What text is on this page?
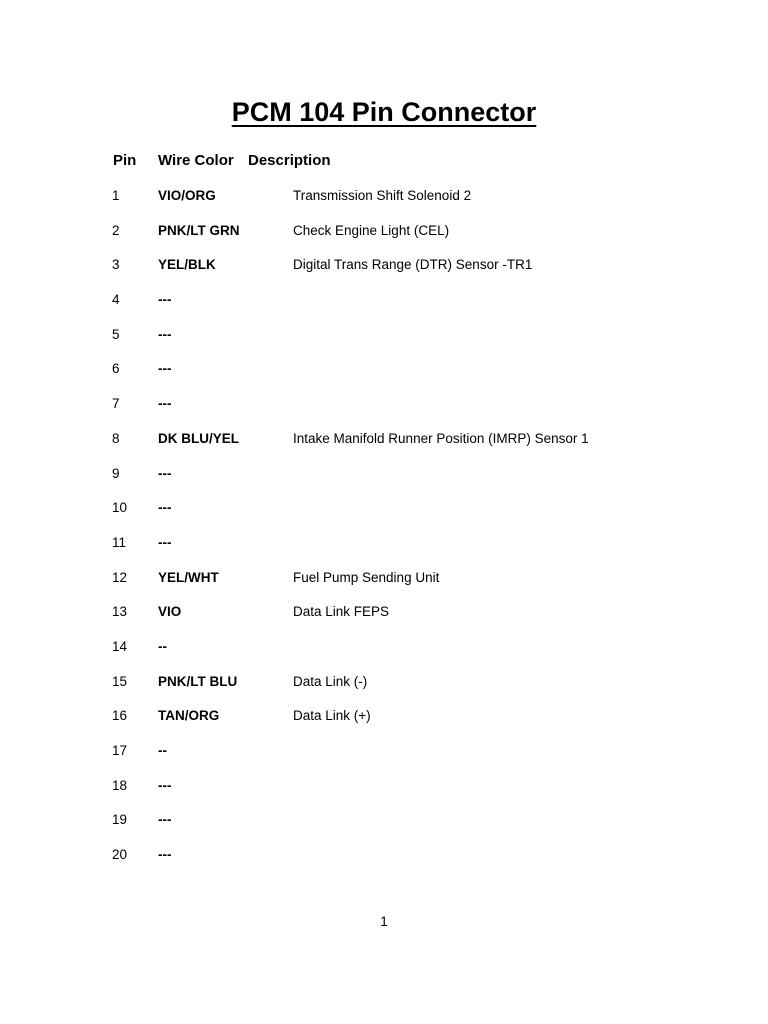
PCM 104 Pin Connector
Pin Wire Color Description
1	VIO/ORG	Transmission Shift Solenoid 2
2	PNK/LT GRN	Check Engine Light (CEL)
3	YEL/BLK	Digital Trans Range (DTR) Sensor -TR1
4	---
5	---
6	---
7	---
8	DK BLU/YEL	Intake Manifold Runner Position (IMRP) Sensor 1
9	---
10	---
11	---
12	YEL/WHT	Fuel Pump Sending Unit
13	VIO	Data Link FEPS
14	--
15	PNK/LT BLU	Data Link (-)
16	TAN/ORG	Data Link (+)
17	--
18	---
19	---
20	---
1
